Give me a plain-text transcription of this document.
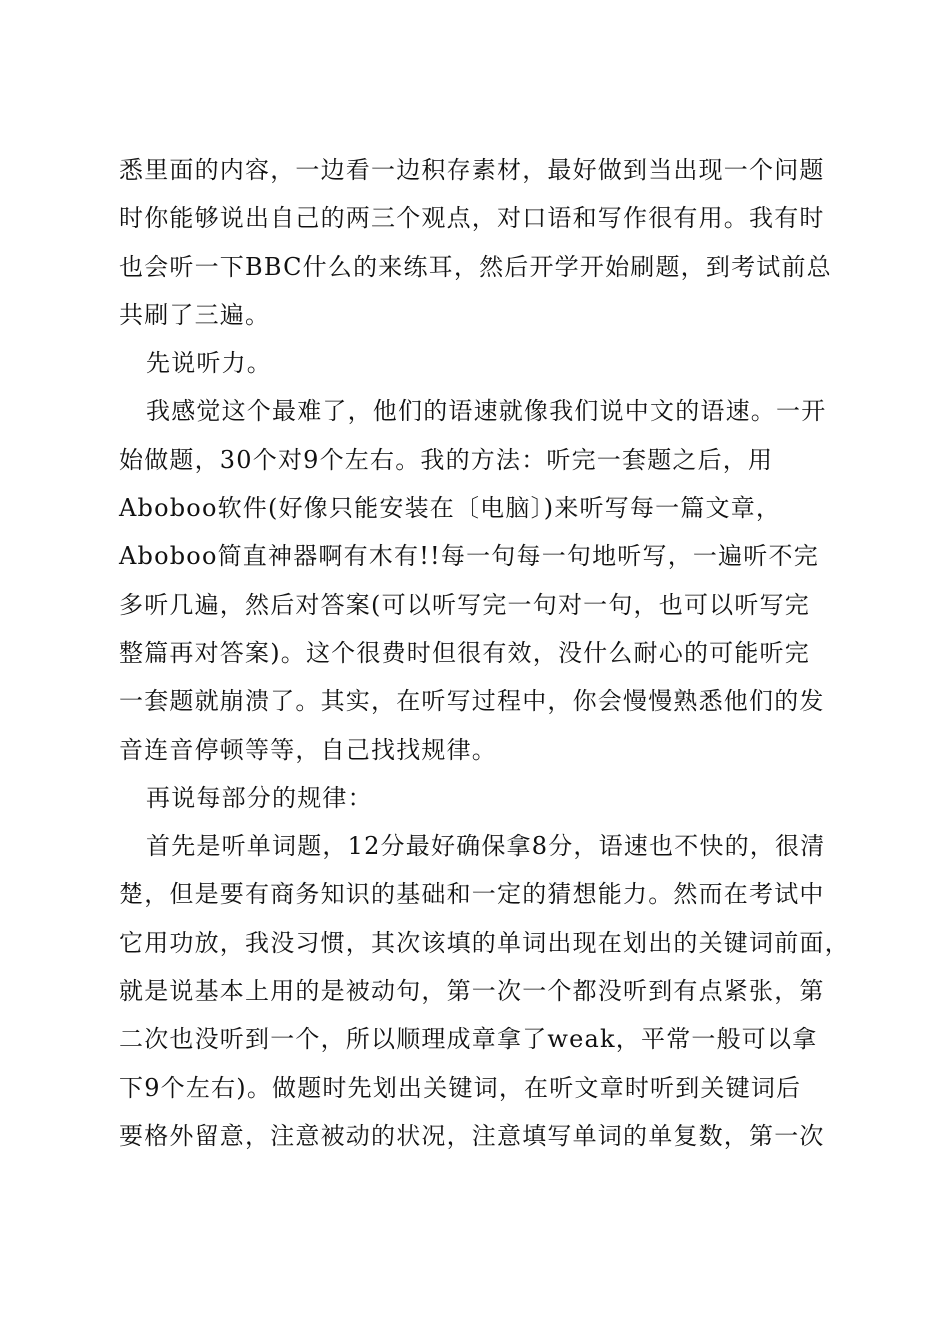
悉里面的内容，一边看一边积存素材，最好做到当出现一个问题
时你能够说出自己的两三个观点，对口语和写作很有用。我有时
也会听一下BBC什么的来练耳，然后开学开始刷题，到考试前总
共刷了三遍。
先说听力。
我感觉这个最难了，他们的语速就像我们说中文的语速。一开
始做题，30个对9个左右。我的方法：听完一套题之后，用
Aboboo软件(好像只能安装在〔电脑〕)来听写每一篇文章，
Aboboo简直神器啊有木有!!每一句每一句地听写，一遍听不完
多听几遍，然后对答案(可以听写完一句对一句，也可以听写完
整篇再对答案)。这个很费时但很有效，没什么耐心的可能听完
一套题就崩溃了。其实，在听写过程中，你会慢慢熟悉他们的发
音连音停顿等等，自己找找规律。
再说每部分的规律：
首先是听单词题，12分最好确保拿8分，语速也不快的，很清
楚，但是要有商务知识的基础和一定的猜想能力。然而在考试中
它用功放，我没习惯，其次该填的单词出现在划出的关键词前面，
就是说基本上用的是被动句，第一次一个都没听到有点紧张，第
二次也没听到一个，所以顺理成章拿了weak，平常一般可以拿
下9个左右)。做题时先划出关键词，在听文章时听到关键词后
要格外留意，注意被动的状况，注意填写单词的单复数，第一次
